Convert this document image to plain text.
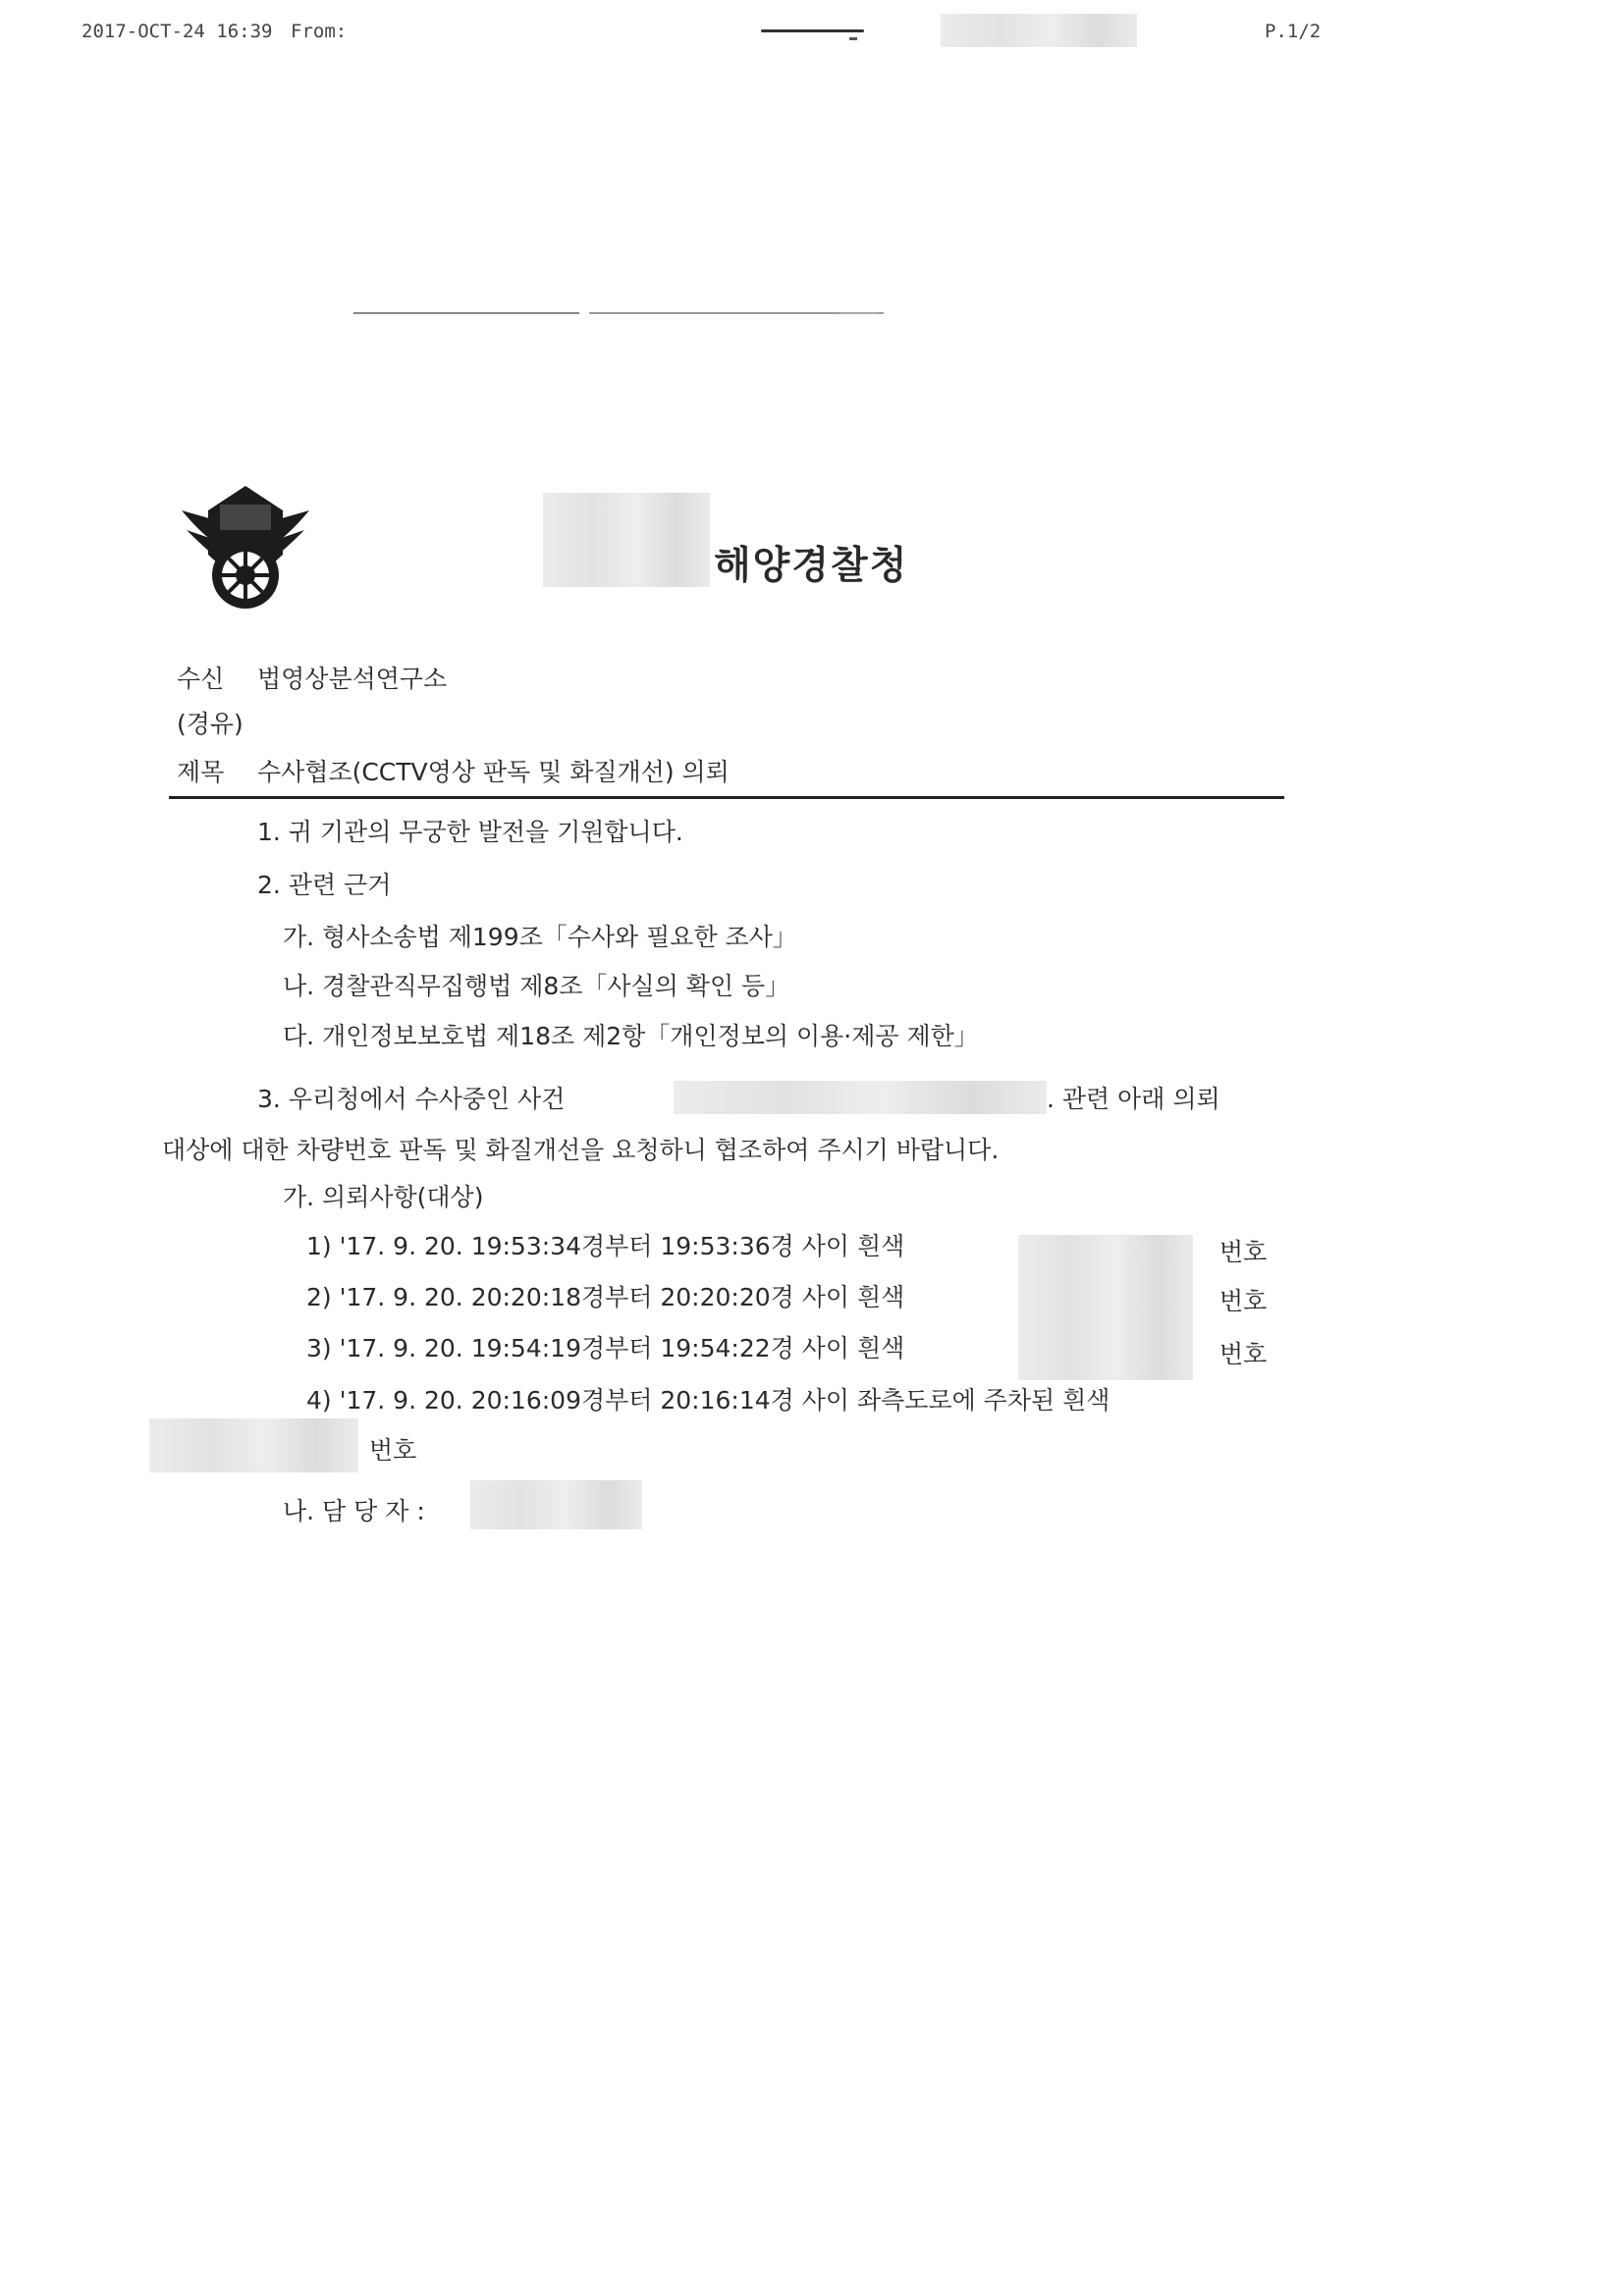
2017-OCT-24 16:39 From:	P.1/2
해양경찰청
수신 법영상분석연구소
(경유)
제목 수사협조(CCTV영상 판독 및 화질개선) 의뢰
1. 귀 기관의 무궁한 발전을 기원합니다.
2. 관련 근거
가. 형사소송법 제199조「수사와 필요한 조사」
나. 경찰관직무집행법 제8조「사실의 확인 등」
다. 개인정보보호법 제18조 제2항「개인정보의 이용·제공 제한」
3. 우리청에서 수사중인 사건	. 관련 아래 의뢰
대상에 대한 차량번호 판독 및 화질개선을 요청하니 협조하여 주시기 바랍니다.
가. 의뢰사항(대상)
1) '17. 9. 20. 19:53:34경부터 19:53:36경 사이 흰색	번호
2) '17. 9. 20. 20:20:18경부터 20:20:20경 사이 흰색	번호
3) '17. 9. 20. 19:54:19경부터 19:54:22경 사이 흰색	번호
4) '17. 9. 20. 20:16:09경부터 20:16:14경 사이 좌측도로에 주차된 흰색
번호
나. 담 당 자 :
